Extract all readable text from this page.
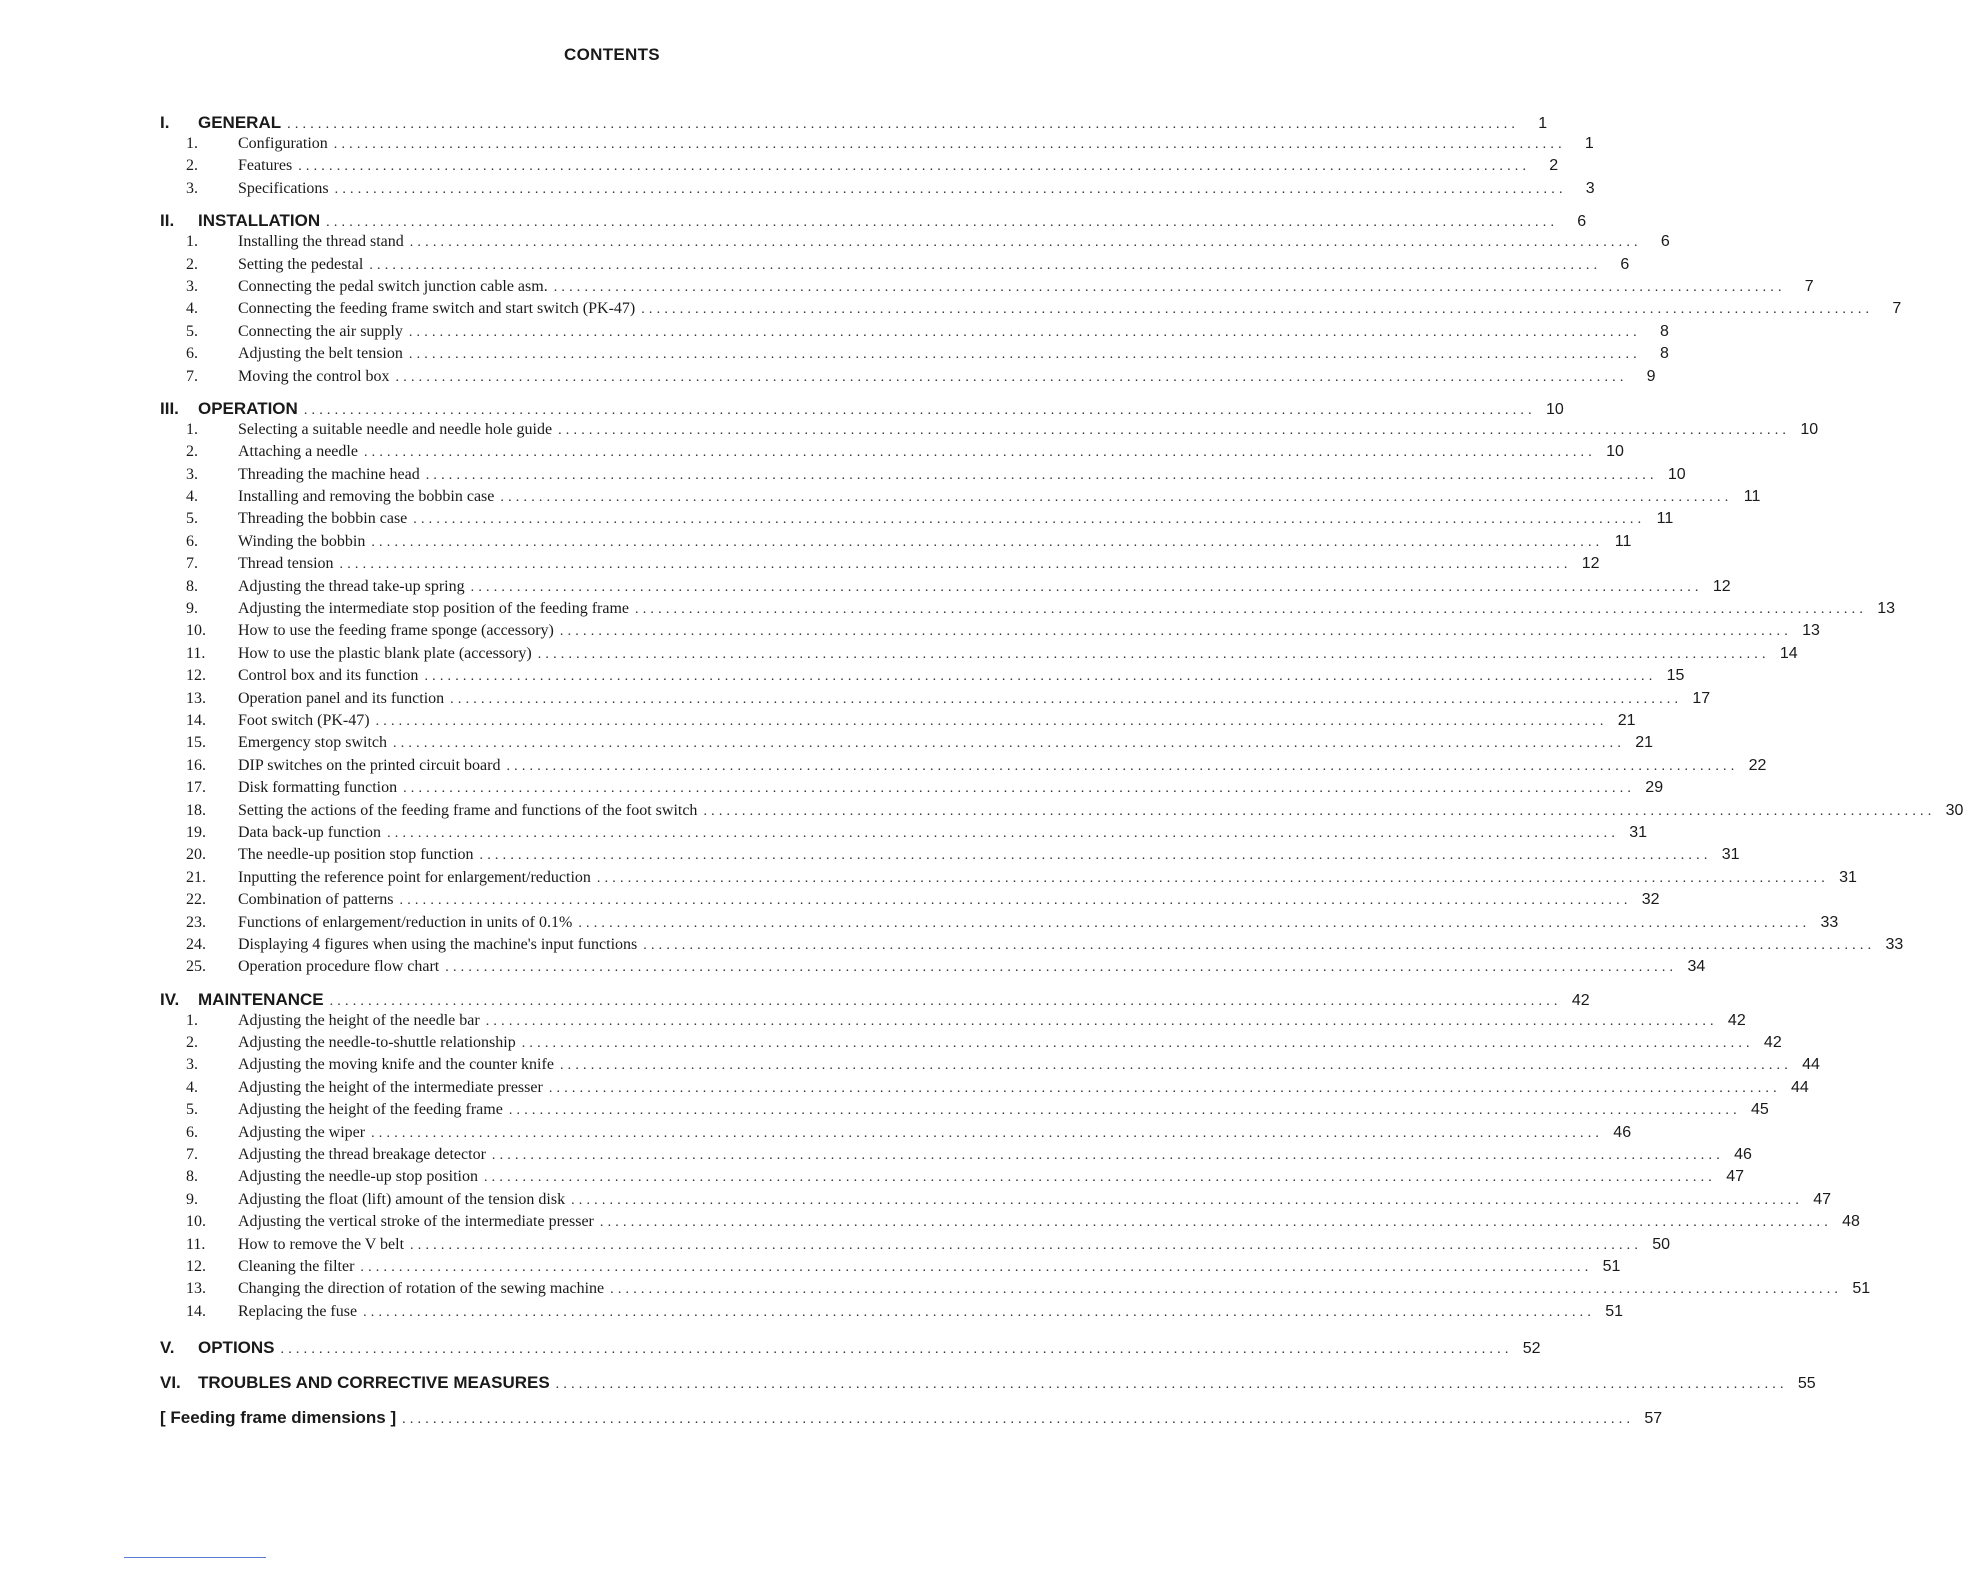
CONTENTS
I.	GENERAL ................................................................................................................................................................	1
1.	Configuration ................................................................................................................................................................	1
2.	Features ................................................................................................................................................................	2
3.	Specifications ................................................................................................................................................................	3
II.	INSTALLATION ................................................................................................................................................................	6
1.	Installing the thread stand ................................................................................................................................................................	6
2.	Setting the pedestal ................................................................................................................................................................	6
3.	Connecting the pedal switch junction cable asm. ................................................................................................................................................................	7
4.	Connecting the feeding frame switch and start switch (PK-47) ................................................................................................................................................................	7
5.	Connecting the air supply ................................................................................................................................................................	8
6.	Adjusting the belt tension ................................................................................................................................................................	8
7.	Moving the control box ................................................................................................................................................................	9
III.	OPERATION ................................................................................................................................................................ 10
1.	Selecting a suitable needle and needle hole guide ................................................................................................................................................................ 10
2.	Attaching a needle ................................................................................................................................................................ 10
3.	Threading the machine head ................................................................................................................................................................ 10
4.	Installing and removing the bobbin case ................................................................................................................................................................ 11
5.	Threading the bobbin case ................................................................................................................................................................ 11
6.	Winding the bobbin ................................................................................................................................................................ 11
7.	Thread tension ................................................................................................................................................................ 12
8.	Adjusting the thread take-up spring ................................................................................................................................................................ 12
9.	Adjusting the intermediate stop position of the feeding frame ................................................................................................................................................................ 13
10.	How to use the feeding frame sponge (accessory) ................................................................................................................................................................ 13
11.	How to use the plastic blank plate (accessory) ................................................................................................................................................................ 14
12.	Control box and its function ................................................................................................................................................................ 15
13.	Operation panel and its function ................................................................................................................................................................ 17
14.	Foot switch (PK-47) ................................................................................................................................................................ 21
15.	Emergency stop switch ................................................................................................................................................................ 21
16.	DIP switches on the printed circuit board ................................................................................................................................................................ 22
17.	Disk formatting function ................................................................................................................................................................ 29
18.	Setting the actions of the feeding frame and functions of the foot switch ................................................................................................................................................................ 30
19.	Data back-up function ................................................................................................................................................................ 31
20.	The needle-up position stop function ................................................................................................................................................................ 31
21.	Inputting the reference point for enlargement/reduction ................................................................................................................................................................ 31
22.	Combination of patterns ................................................................................................................................................................ 32
23.	Functions of enlargement/reduction in units of 0.1% ................................................................................................................................................................ 33
24.	Displaying 4 figures when using the machine's input functions ................................................................................................................................................................ 33
25.	Operation procedure flow chart ................................................................................................................................................................ 34
IV.	MAINTENANCE ................................................................................................................................................................ 42
1.	Adjusting the height of the needle bar ................................................................................................................................................................ 42
2.	Adjusting the needle-to-shuttle relationship ................................................................................................................................................................ 42
3.	Adjusting the moving knife and the counter knife ................................................................................................................................................................ 44
4.	Adjusting the height of the intermediate presser ................................................................................................................................................................ 44
5.	Adjusting the height of the feeding frame ................................................................................................................................................................ 45
6.	Adjusting the wiper ................................................................................................................................................................ 46
7.	Adjusting the thread breakage detector ................................................................................................................................................................ 46
8.	Adjusting the needle-up stop position ................................................................................................................................................................ 47
9.	Adjusting the float (lift) amount of the tension disk ................................................................................................................................................................ 47
10.	Adjusting the vertical stroke of the intermediate presser ................................................................................................................................................................ 48
11.	How to remove the V belt ................................................................................................................................................................ 50
12.	Cleaning the filter ................................................................................................................................................................ 51
13.	Changing the direction of rotation of the sewing machine ................................................................................................................................................................ 51
14.	Replacing the fuse ................................................................................................................................................................ 51
V.	OPTIONS ................................................................................................................................................................ 52
VI.	TROUBLES AND CORRECTIVE MEASURES ................................................................................................................................................................ 55
[ Feeding frame dimensions ] ................................................................................................................................................................ 57
